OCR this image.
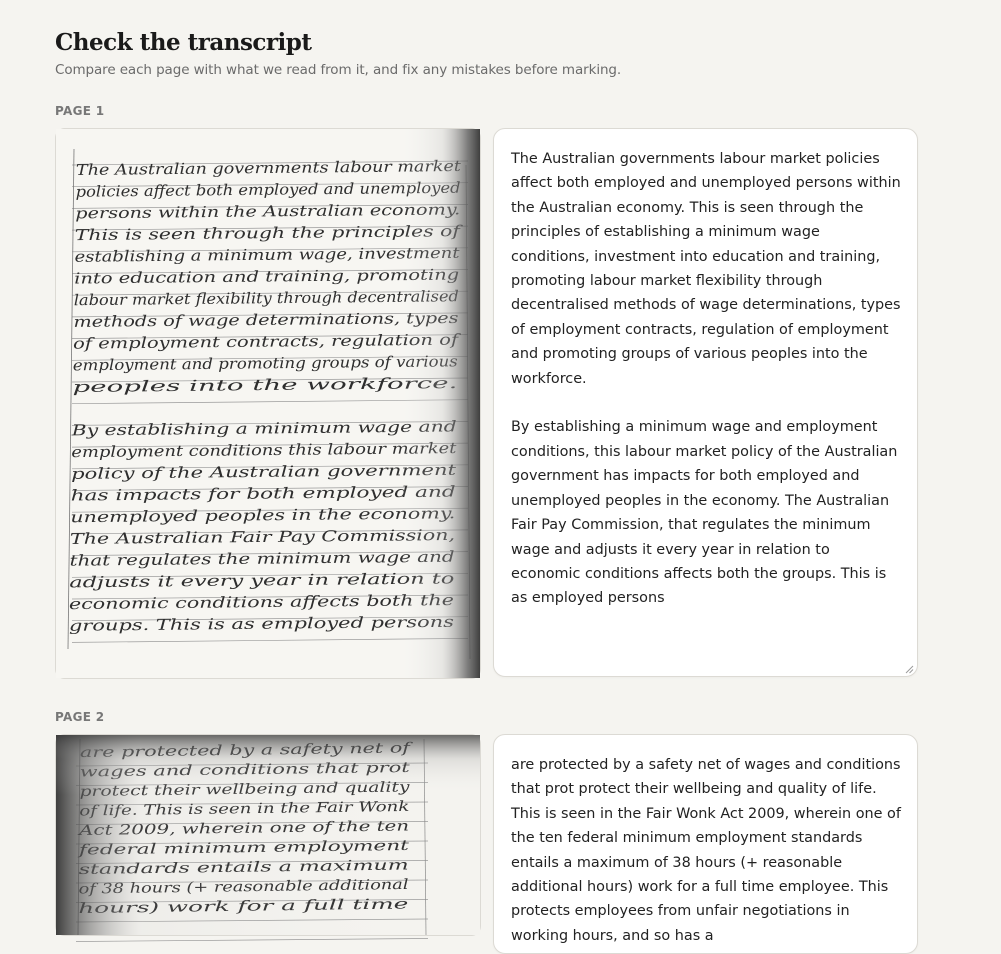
Check the transcript
Compare each page with what we read from it, and fix any mistakes before marking.
PAGE 1
The Australian governments labour market
policies affect both employed and unemployed
persons within the Australian economy.
This is seen through the principles of
establishing a minimum wage, investment
into education and training, promoting
labour market flexibility through decentralised
methods of wage determinations, types
of employment contracts, regulation of
employment and promoting groups of various
peoples into the workforce.
By establishing a minimum wage and
employment conditions this labour market
policy of the Australian government
has impacts for both employed and
unemployed peoples in the economy.
The Australian Fair Pay Commission,
that regulates the minimum wage and
adjusts it every year in relation to
economic conditions affects both the
groups. This is as employed persons

The Australian governments labour market policies affect both employed and unemployed persons within the Australian economy. This is seen through the principles of establishing a minimum wage conditions, investment into education and training, promoting labour market flexibility through decentralised methods of wage determinations, types of employment contracts, regulation of employment and promoting groups of various peoples into the workforce.

By establishing a minimum wage and employment conditions, this labour market policy of the Australian government has impacts for both employed and unemployed peoples in the economy. The Australian Fair Pay Commission, that regulates the minimum wage and adjusts it every year in relation to economic conditions affects both the groups. This is as employed persons

PAGE 2

are protected by a safety net of wages and conditions that prot protect their wellbeing and quality of life. This is seen in the Fair Wonk Act 2009, wherein one of the ten federal minimum employment standards entails a maximum of 38 hours (+ reasonable additional hours) work for a full time employee. This protects employees from unfair negotiations in working hours, and so has a
